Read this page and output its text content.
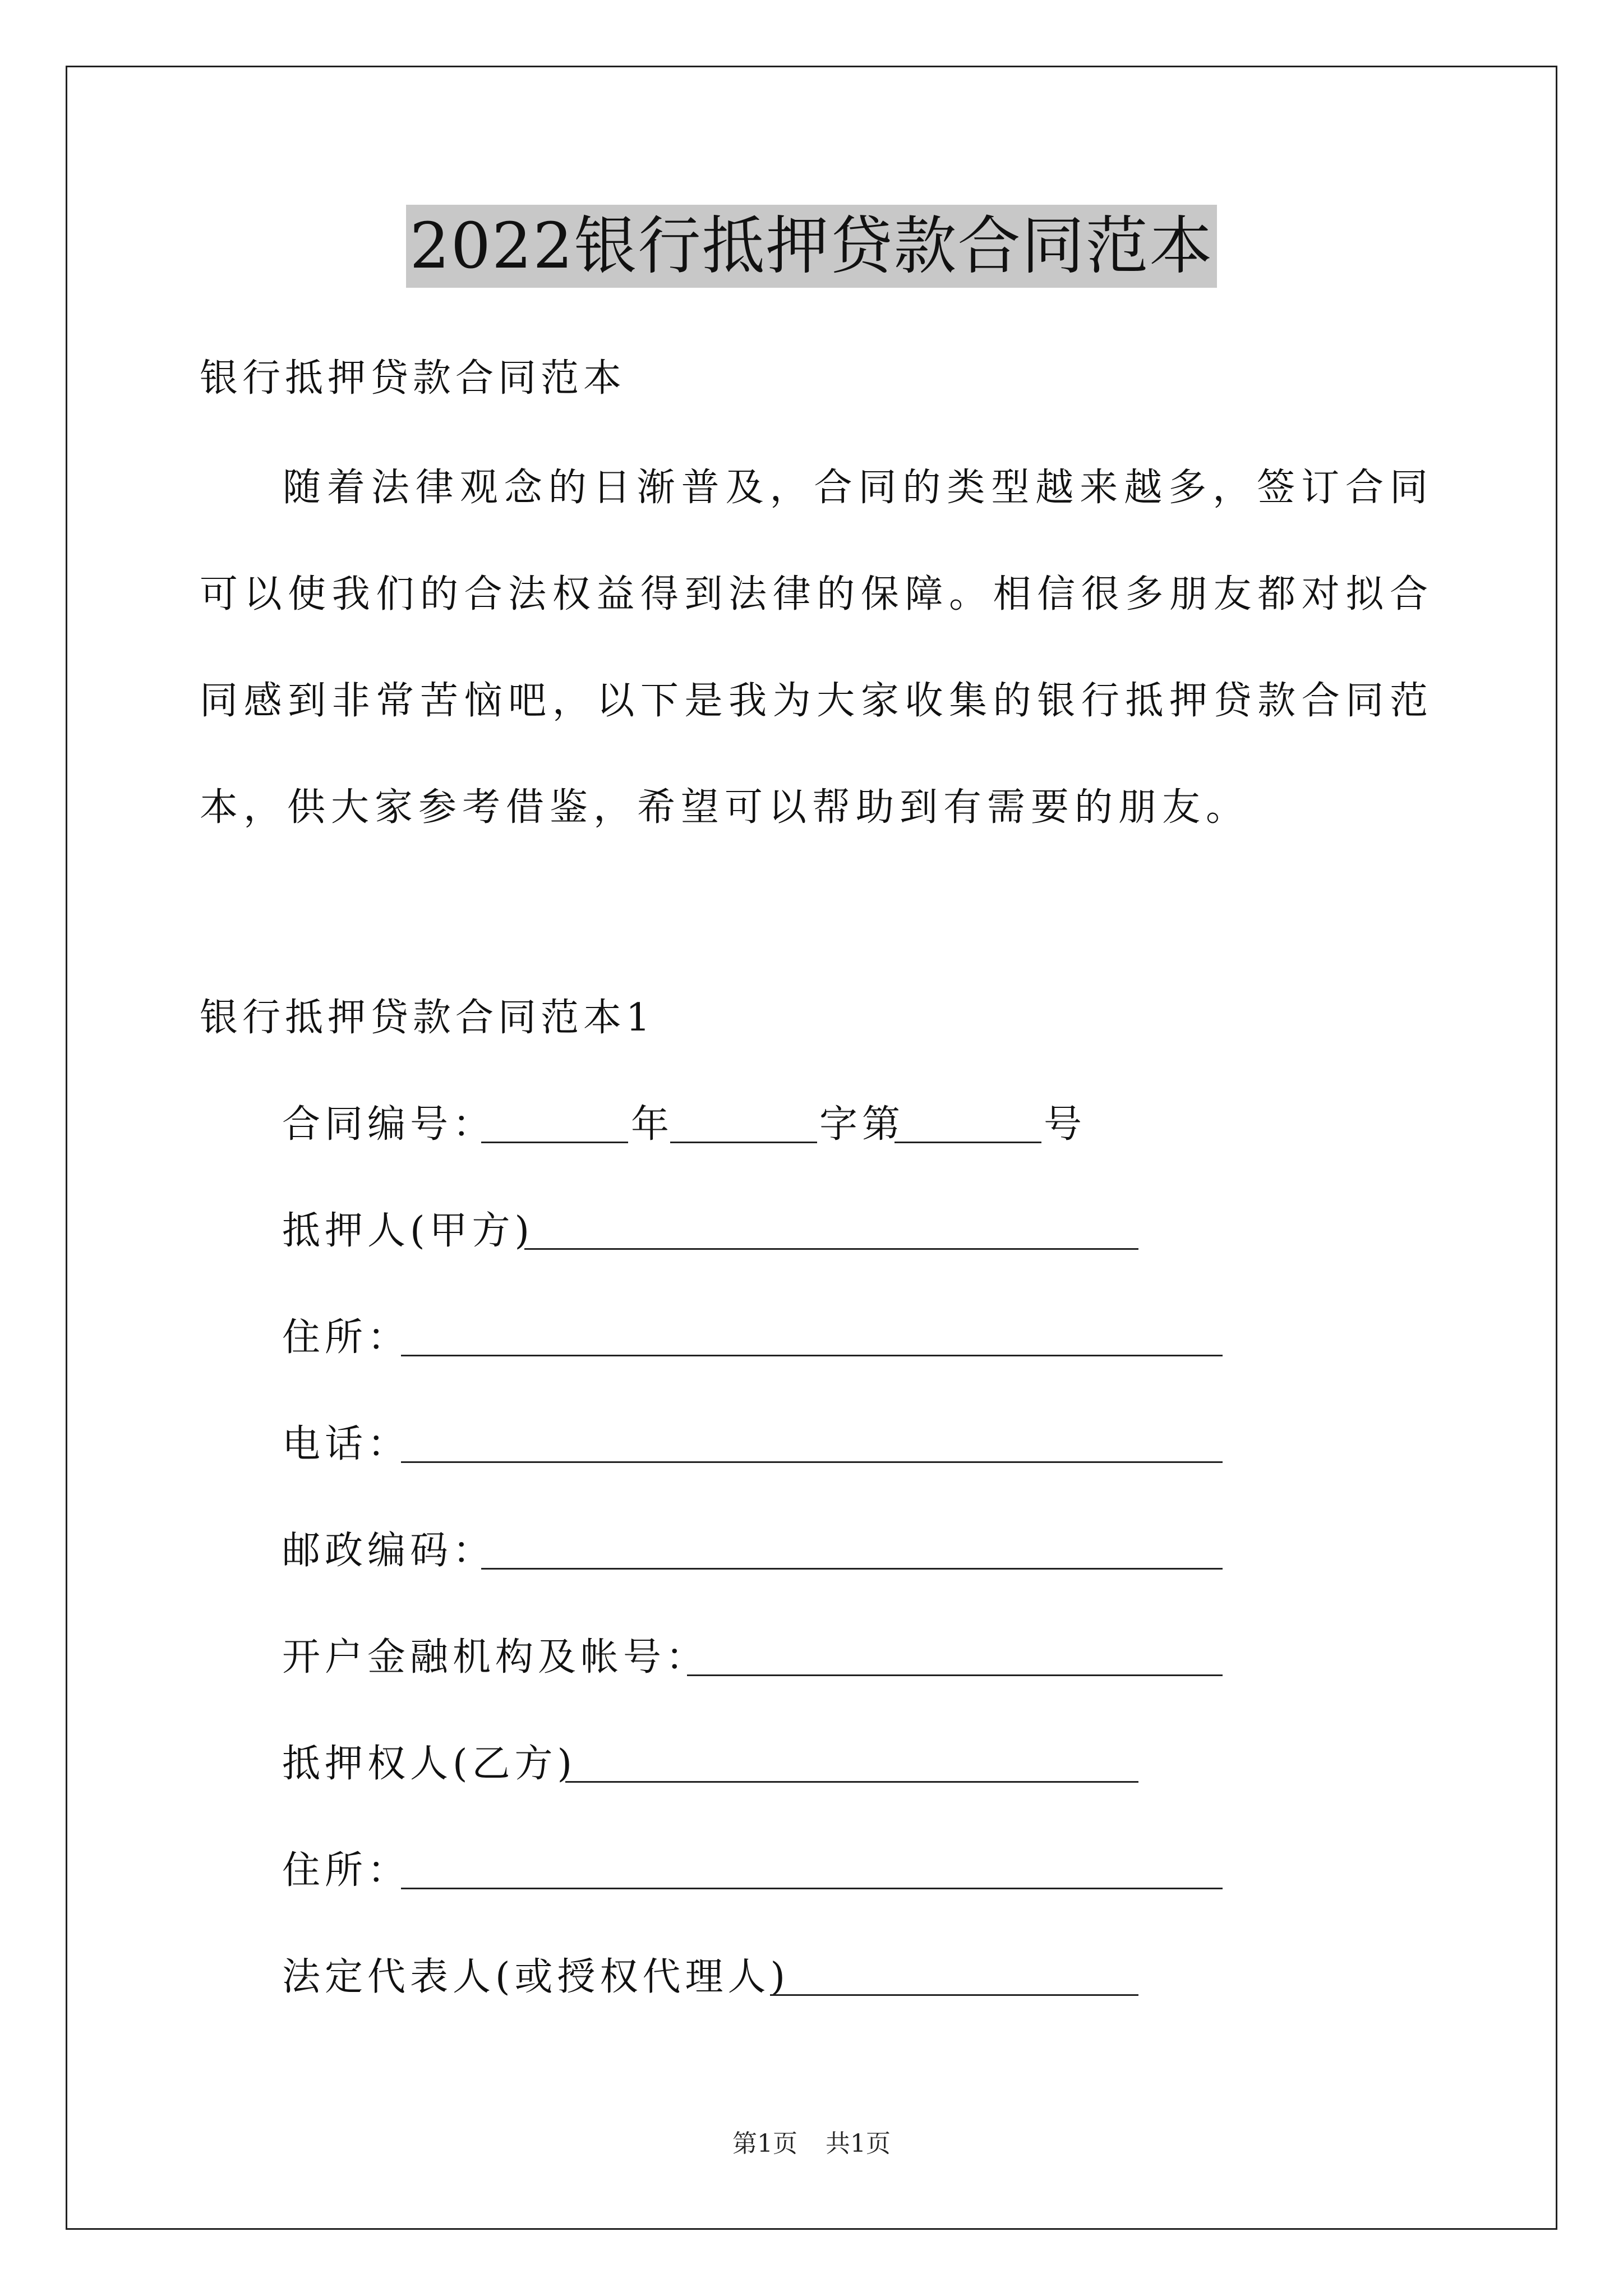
2022银行抵押贷款合同范本
银行抵押贷款合同范本

随着法律观念的日渐普及，合同的类型越来越多，签订合同可以使我们的合法权益得到法律的保障。相信很多朋友都对拟合同感到非常苦恼吧，以下是我为大家收集的银行抵押贷款合同范本，供大家参考借鉴，希望可以帮助到有需要的朋友。

银行抵押贷款合同范本1
合同编号：	年	字第	号
抵押人(甲方)
住所：
电话：
邮政编码：
开户金融机构及帐号：
抵押权人(乙方)
住所：
法定代表人(或授权代理人)
第1页 共1页
